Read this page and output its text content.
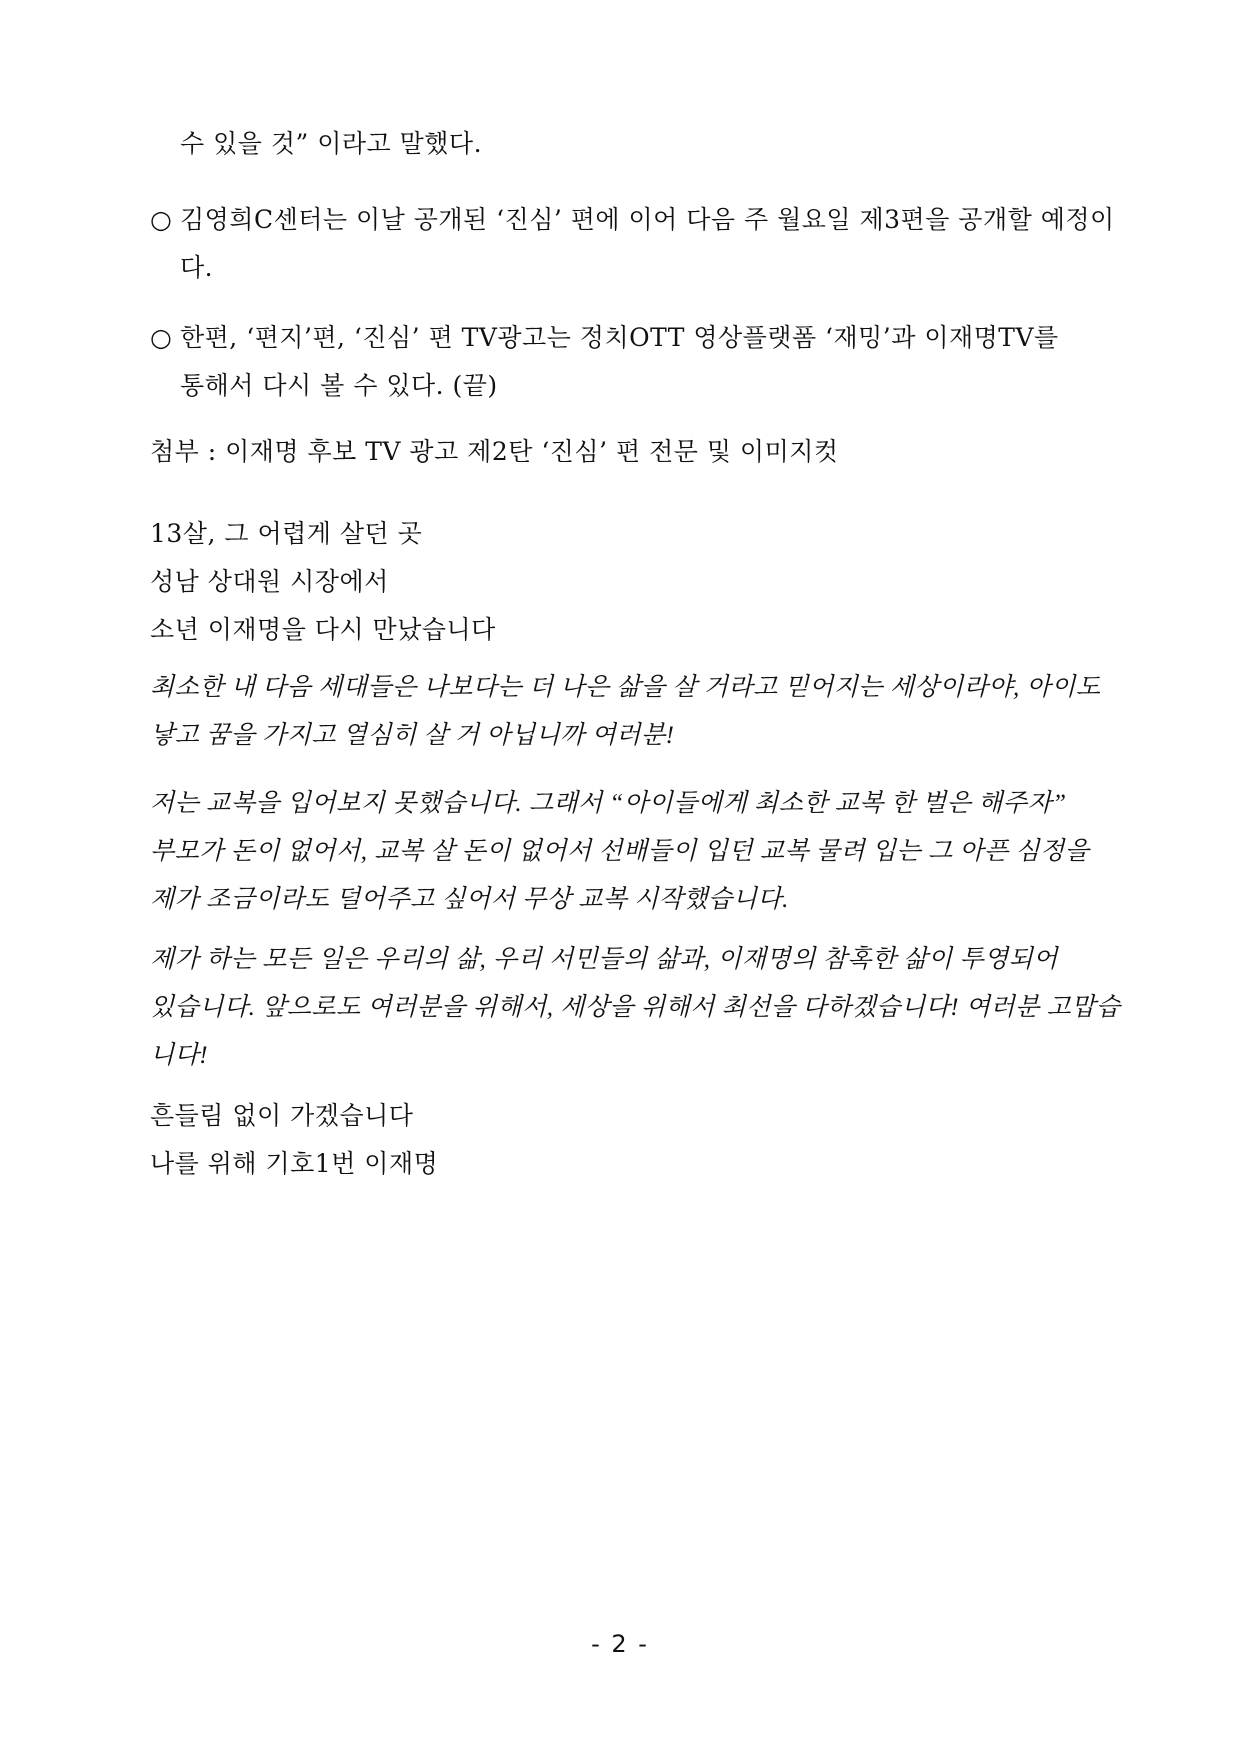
수 있을 것” 이라고 말했다.
○ 김영희C센터는 이날 공개된 ‘진심’ 편에 이어 다음 주 월요일 제3편을 공개할 예정이
다.
○ 한편, ‘편지’편, ‘진심’ 편 TV광고는 정치OTT 영상플랫폼 ‘재밍’과 이재명TV를
통해서 다시 볼 수 있다. (끝)
첨부 : 이재명 후보 TV 광고 제2탄 ‘진심’ 편 전문 및 이미지컷
13살, 그 어렵게 살던 곳
성남 상대원 시장에서
소년 이재명을 다시 만났습니다
최소한 내 다음 세대들은 나보다는 더 나은 삶을 살 거라고 믿어지는 세상이라야, 아이도
낳고 꿈을 가지고 열심히 살 거 아닙니까 여러분!
저는 교복을 입어보지 못했습니다. 그래서 “아이들에게 최소한 교복 한 벌은 해주자”
부모가 돈이 없어서, 교복 살 돈이 없어서 선배들이 입던 교복 물려 입는 그 아픈 심정을
제가 조금이라도 덜어주고 싶어서 무상 교복 시작했습니다.
제가 하는 모든 일은 우리의 삶, 우리 서민들의 삶과, 이재명의 참혹한 삶이 투영되어
있습니다. 앞으로도 여러분을 위해서, 세상을 위해서 최선을 다하겠습니다! 여러분 고맙습
니다!
흔들림 없이 가겠습니다
나를 위해 기호1번 이재명
- 2 -
